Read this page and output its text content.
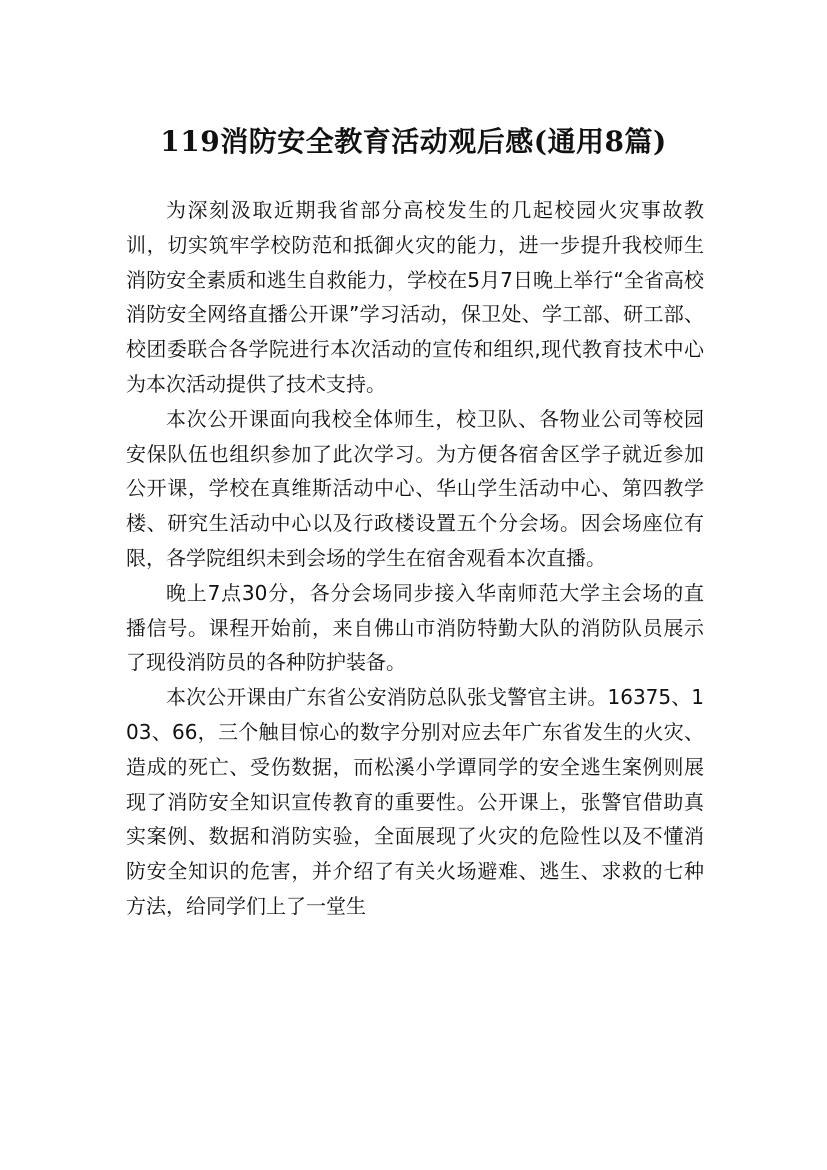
119消防安全教育活动观后感(通用8篇)

为深刻汲取近期我省部分高校发生的几起校园火灾事故教训，切实筑牢学校防范和抵御火灾的能力，进一步提升我校师生消防安全素质和逃生自救能力，学校在5月7日晚上举行“全省高校消防安全网络直播公开课”学习活动，保卫处、学工部、研工部、校团委联合各学院进行本次活动的宣传和组织,现代教育技术中心为本次活动提供了技术支持。

本次公开课面向我校全体师生，校卫队、各物业公司等校园安保队伍也组织参加了此次学习。为方便各宿舍区学子就近参加公开课，学校在真维斯活动中心、华山学生活动中心、第四教学楼、研究生活动中心以及行政楼设置五个分会场。因会场座位有限，各学院组织未到会场的学生在宿舍观看本次直播。

晚上7点30分，各分会场同步接入华南师范大学主会场的直播信号。课程开始前，来自佛山市消防特勤大队的消防队员展示了现役消防员的各种防护装备。

本次公开课由广东省公安消防总队张戈警官主讲。16375、103、66，三个触目惊心的数字分别对应去年广东省发生的火灾、造成的死亡、受伤数据，而松溪小学谭同学的安全逃生案例则展现了消防安全知识宣传教育的重要性。公开课上，张警官借助真实案例、数据和消防实验，全面展现了火灾的危险性以及不懂消防安全知识的危害，并介绍了有关火场避难、逃生、求救的七种方法，给同学们上了一堂生
